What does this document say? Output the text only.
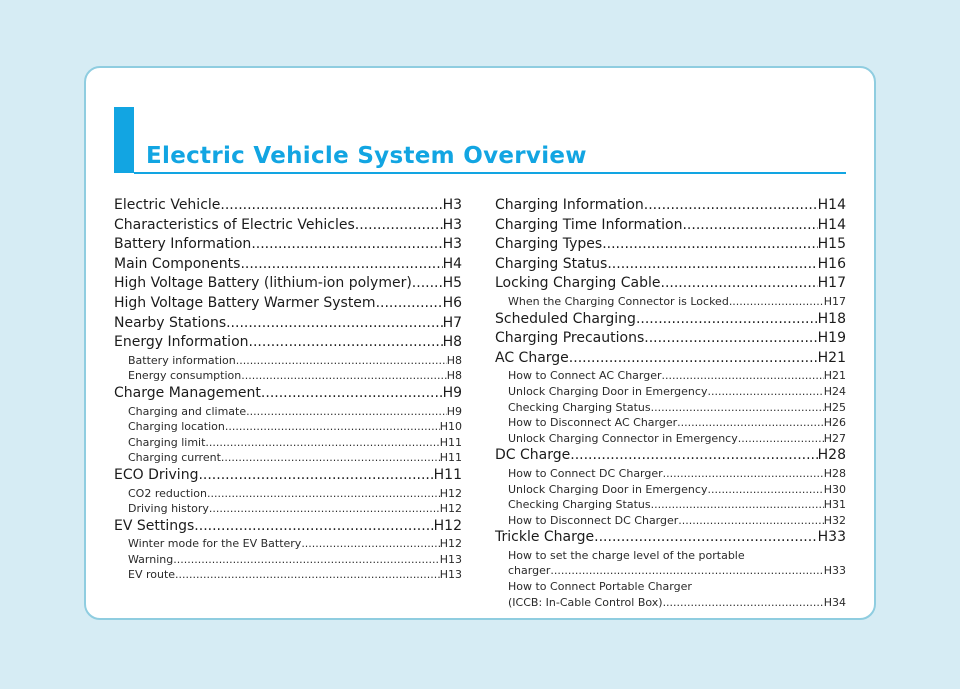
Electric Vehicle System Overview
Electric Vehicle .....	H3
Characteristics of Electric Vehicles .....	H3
Battery Information .....	H3
Main Components .....	H4
High Voltage Battery (lithium-ion polymer) ..... H5
High Voltage Battery Warmer System .....	H6
Nearby Stations .....	H7
Energy Information .....	H8
Battery information .....	H8
Energy consumption .....	H8
Charge Management .....	H9
Charging and climate .....	H9
Charging location .....	H10
Charging limit .....	H11
Charging current .....	H11
ECO Driving .....	H11
CO2 reduction .....	H12
Driving history .....	H12
EV Settings .....	H12
Winter mode for the EV Battery .....	H12
Warning .....	H13
EV route .....	H13
Charging Information .....	H14
Charging Time Information .....	H14
Charging Types .....	H15
Charging Status .....	H16
Locking Charging Cable .....	H17
When the Charging Connector is Locked .....	H17
Scheduled Charging .....	H18
Charging Precautions .....	H19
AC Charge .....	H21
How to Connect AC Charger .....	H21
Unlock Charging Door in Emergency .....	H24
Checking Charging Status .....	H25
How to Disconnect AC Charger .....	H26
Unlock Charging Connector in Emergency .....	H27
DC Charge .....	H28
How to Connect DC Charger .....	H28
Unlock Charging Door in Emergency .....	H30
Checking Charging Status .....	H31
How to Disconnect DC Charger .....	H32
Trickle Charge .....	H33
How to set the charge level of the portable
charger .....	H33
How to Connect Portable Charger
(ICCB: In-Cable Control Box) .....	H34
